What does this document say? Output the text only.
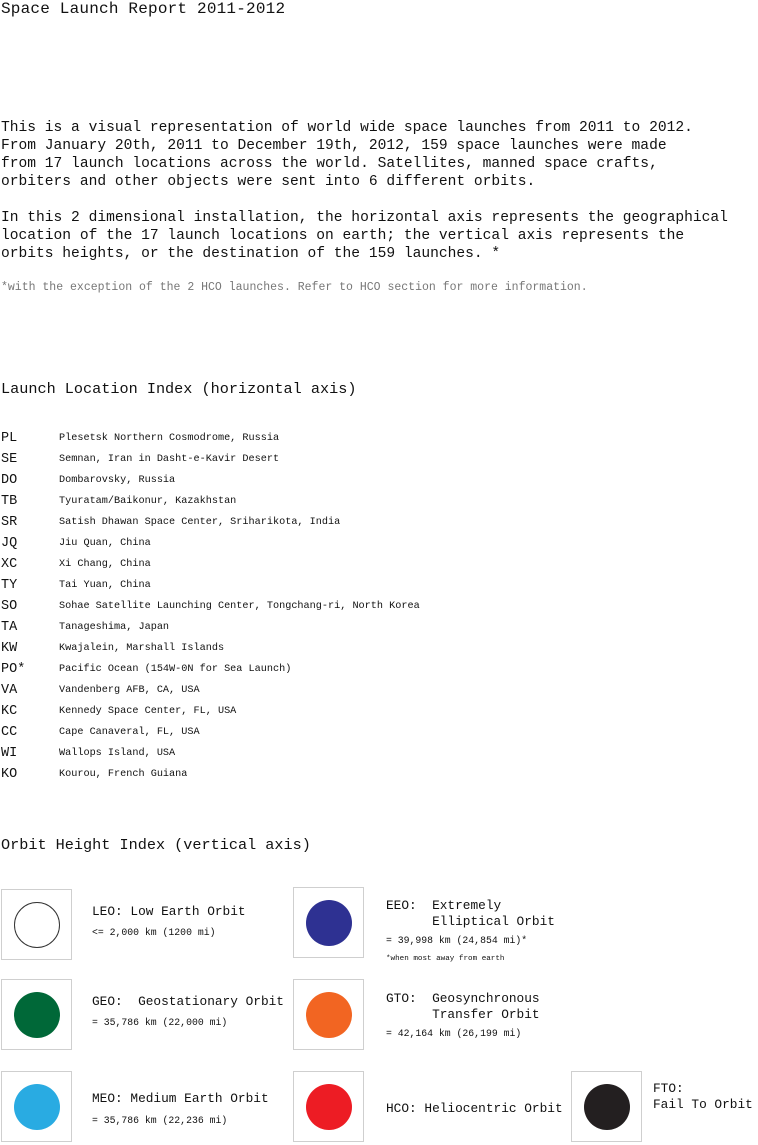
Space Launch Report 2011-2012
This is a visual representation of world wide space launches from 2011 to 2012.
From January 20th, 2011 to December 19th, 2012, 159 space launches were made
from 17 launch locations across the world. Satellites, manned space crafts,
orbiters and other objects were sent into 6 different orbits.
In this 2 dimensional installation, the horizontal axis represents the geographical
location of the 17 launch locations on earth; the vertical axis represents the
orbits heights, or the destination of the 159 launches. *
*with the exception of the 2 HCO launches. Refer to HCO section for more information.
Launch Location Index (horizontal axis)
PL	Plesetsk Northern Cosmodrome, Russia
SE	Semnan, Iran in Dasht-e-Kavir Desert
DO	Dombarovsky, Russia
TB	Tyuratam/Baikonur, Kazakhstan
SR	Satish Dhawan Space Center, Sriharikota, India
JQ	Jiu Quan, China
XC	Xi Chang, China
TY	Tai Yuan, China
SO	Sohae Satellite Launching Center, Tongchang-ri, North Korea
TA	Tanageshima, Japan
KW	Kwajalein, Marshall Islands
PO*	Pacific Ocean (154W-0N for Sea Launch)
VA	Vandenberg AFB, CA, USA
KC	Kennedy Space Center, FL, USA
CC	Cape Canaveral, FL, USA
WI	Wallops Island, USA
KO	Kourou, French Guiana
Orbit Height Index (vertical axis)
LEO: Low Earth Orbit
<= 2,000 km (1200 mi)
EEO:  Extremely
Elliptical Orbit
= 39,998 km (24,854 mi)*
*when most away from earth
GEO:  Geostationary Orbit
= 35,786 km (22,000 mi)
GTO:  Geosynchronous
Transfer Orbit
= 42,164 km (26,199 mi)
MEO: Medium Earth Orbit
= 35,786 km (22,236 mi)
HCO: Heliocentric Orbit
FTO:
Fail To Orbit
